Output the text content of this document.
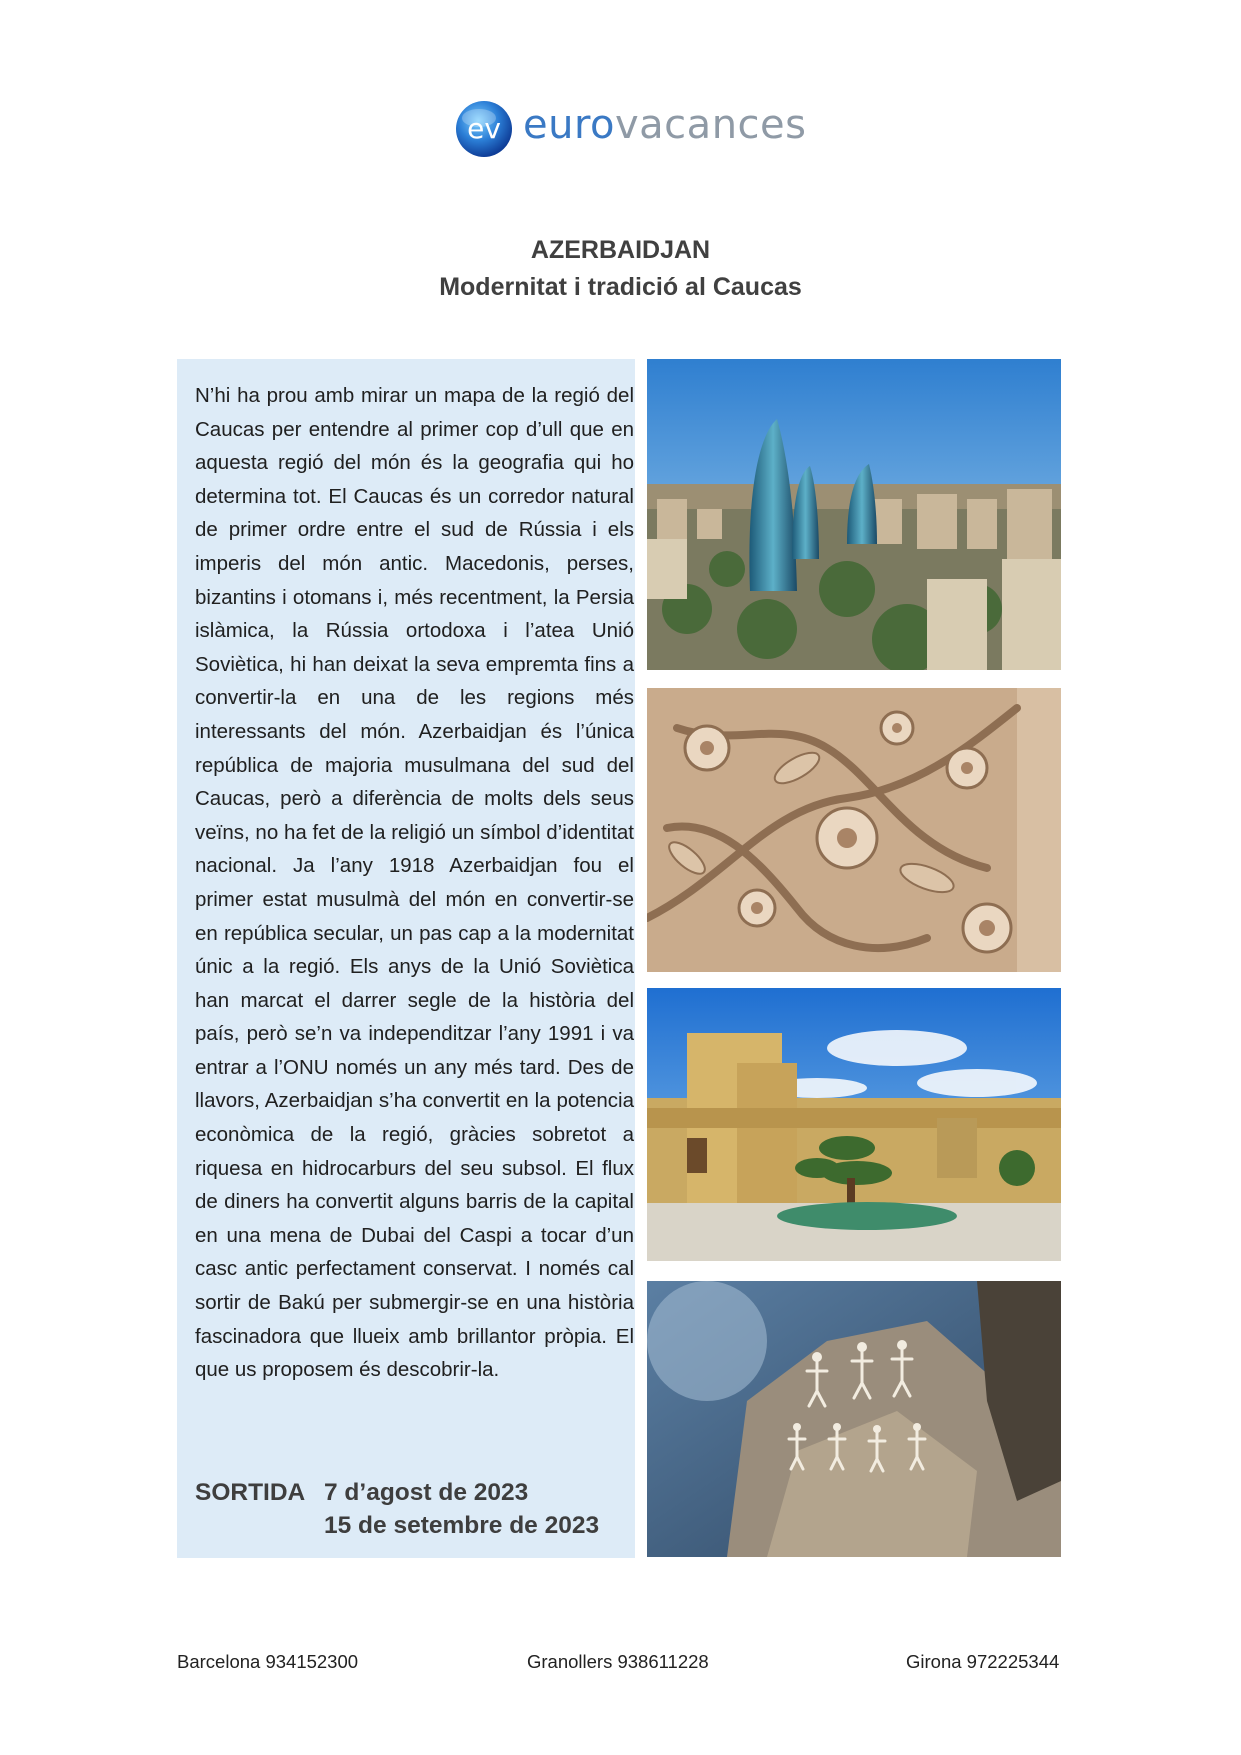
ev eurovacances
AZERBAIDJAN
Modernitat i tradició al Caucas
N’hi ha prou amb mirar un mapa de la regió del Caucas per entendre al primer cop d’ull que en aquesta regió del món és la geografia qui ho determina tot. El Caucas és un corredor natural de primer ordre entre el sud de Rússia i els imperis del món antic. Macedonis, perses, bizantins i otomans i, més recentment, la Persia islàmica, la Rússia ortodoxa i l’atea Unió Soviètica, hi han deixat la seva empremta fins a convertir-la en una de les regions més interessants del món. Azerbaidjan és l’única república de majoria musulmana del sud del Caucas, però a diferència de molts dels seus veïns, no ha fet de la religió un símbol d’identitat nacional. Ja l’any 1918 Azerbaidjan fou el primer estat musulmà del món en convertir-se en república secular, un pas cap a la modernitat únic a la regió. Els anys de la Unió Soviètica han marcat el darrer segle de la història del país, però se’n va independitzar l’any 1991 i va entrar a l’ONU només un any més tard. Des de llavors, Azerbaidjan s’ha convertit en la potencia econòmica de la regió, gràcies sobretot a riquesa en hidrocarburs del seu subsol. El flux de diners ha convertit alguns barris de la capital en una mena de Dubai del Caspi a tocar d’un casc antic perfectament conservat. I només cal sortir de Bakú per submergir-se en una història fascinadora que llueix amb brillantor pròpia. El que us proposem és descobrir-la.
SORTIDA 7 d’agost de 2023
15 de setembre de 2023
Barcelona 934152300	Granollers 938611228	Girona 972225344
